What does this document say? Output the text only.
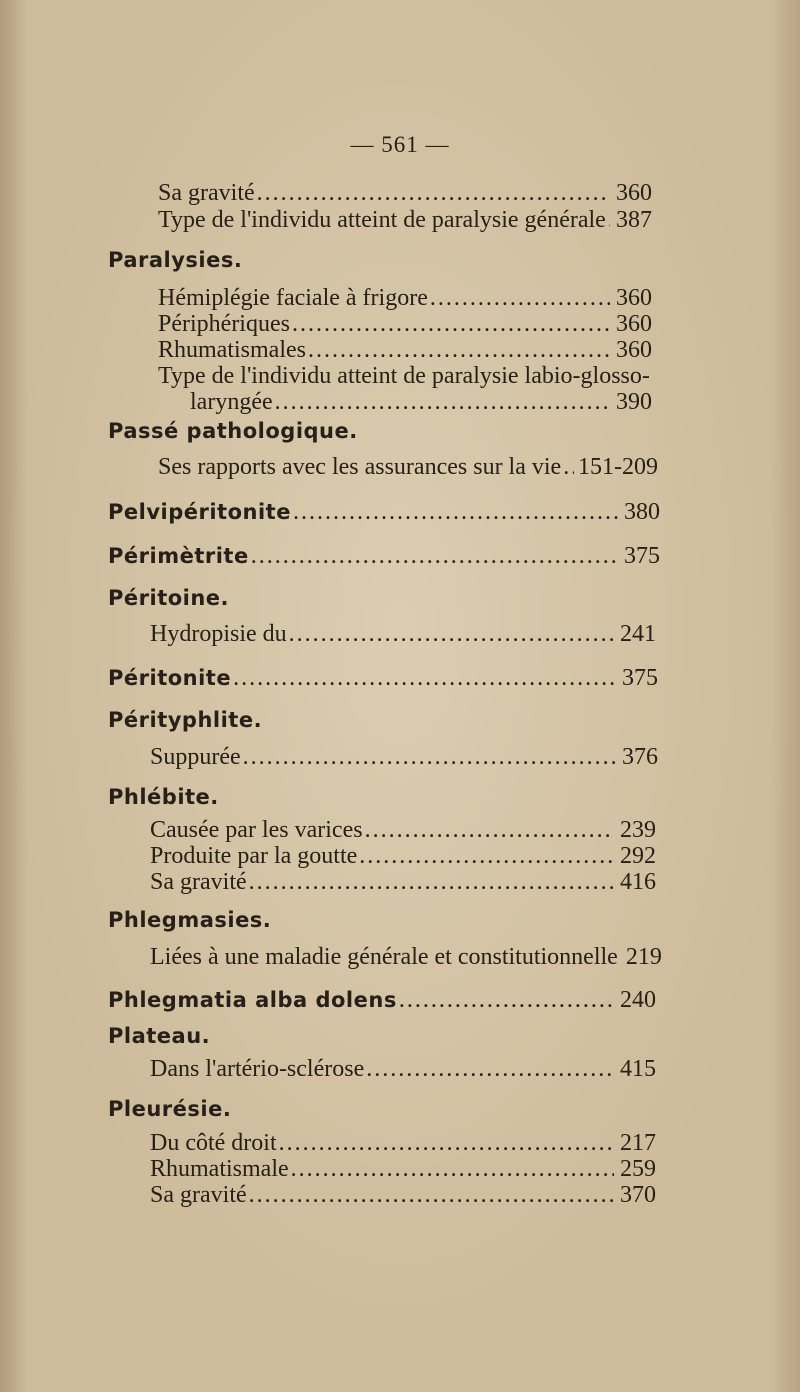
— 561 —
Sa gravité .....	360
Type de l'individu atteint de paralysie générale ..... 387
Paralysies.
Hémiplégie faciale à frigore .....	360
Périphériques .....	360
Rhumatismales .....	360
Type de l'individu atteint de paralysie labio-glosso-
laryngée .....	390
Passé pathologique.
Ses rapports avec les assurances sur la vie ..... 151-209
Pelvipéritonite .....	380
Périmètrite .....	375
Péritoine.
Hydropisie du .....	241
Péritonite .....	375
Pérityphlite.
Suppurée .....	376
Phlébite.
Causée par les varices .....	239
Produite par la goutte .....	292
Sa gravité .....	416
Phlegmasies.
Liées à une maladie générale et constitutionnelle 219
Phlegmatia alba dolens .....	240
Plateau.
Dans l'artério-sclérose .....	415
Pleurésie.
Du côté droit .....	217
Rhumatismale .....	259
Sa gravité .....	370
